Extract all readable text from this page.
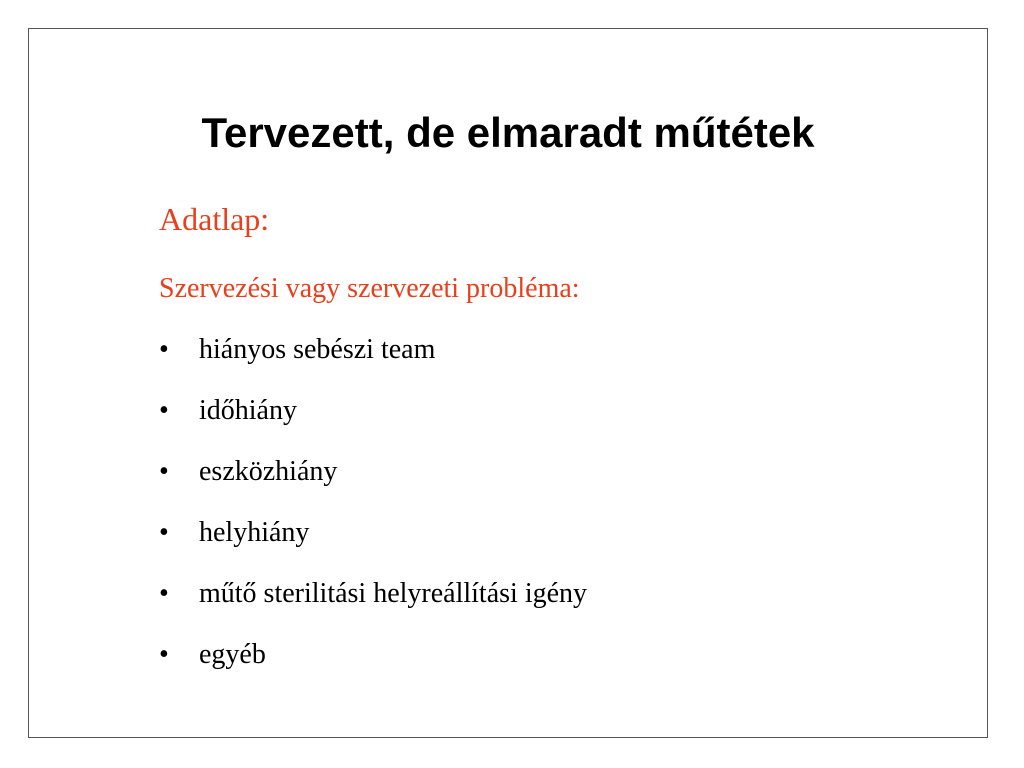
Tervezett, de elmaradt műtétek
Adatlap:
Szervezési vagy szervezeti probléma:
•	hiányos sebészi team
•	időhiány
•	eszközhiány
•	helyhiány
•	műtő sterilitási helyreállítási igény
•	egyéb
